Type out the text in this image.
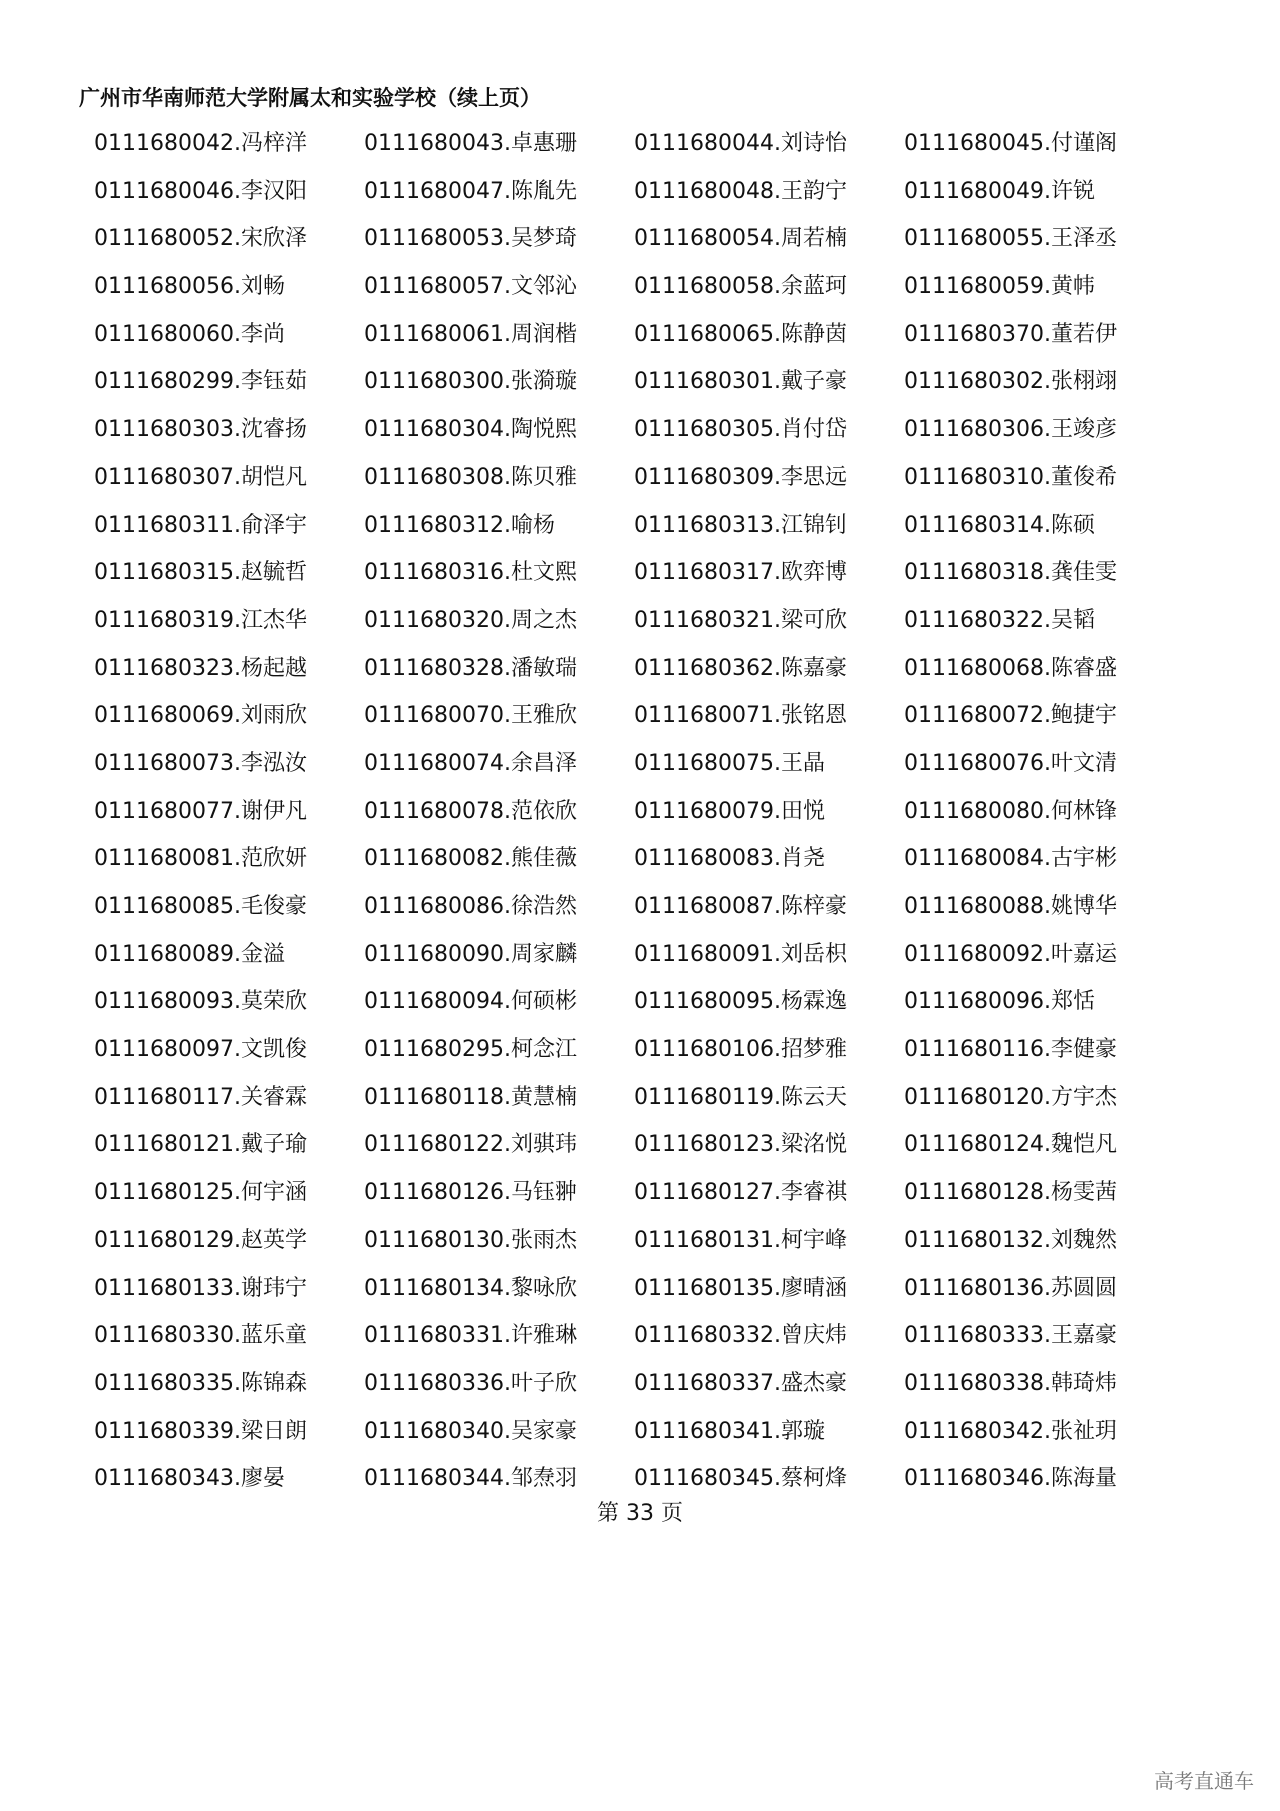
广州市华南师范大学附属太和实验学校（续上页）
0111680042.冯梓洋	0111680043.卓惠珊	0111680044.刘诗怡	0111680045.付谨阁
0111680046.李汉阳	0111680047.陈胤先	0111680048.王韵宁	0111680049.许锐
0111680052.宋欣泽	0111680053.吴梦琦	0111680054.周若楠	0111680055.王泽丞
0111680056.刘畅	0111680057.文邻沁	0111680058.余蓝珂	0111680059.黄帏
0111680060.李尚	0111680061.周润楷	0111680065.陈静茵	0111680370.董若伊
0111680299.李钰茹	0111680300.张漪璇	0111680301.戴子豪	0111680302.张栩翊
0111680303.沈睿扬	0111680304.陶悦熙	0111680305.肖付岱	0111680306.王竣彦
0111680307.胡恺凡	0111680308.陈贝雅	0111680309.李思远	0111680310.董俊希
0111680311.俞泽宇	0111680312.喻杨	0111680313.江锦钊	0111680314.陈硕
0111680315.赵毓哲	0111680316.杜文熙	0111680317.欧弈博	0111680318.龚佳雯
0111680319.江杰华	0111680320.周之杰	0111680321.梁可欣	0111680322.吴韬
0111680323.杨起越	0111680328.潘敏瑞	0111680362.陈嘉豪	0111680068.陈睿盛
0111680069.刘雨欣	0111680070.王雅欣	0111680071.张铭恩	0111680072.鲍捷宇
0111680073.李泓汝	0111680074.余昌泽	0111680075.王晶	0111680076.叶文清
0111680077.谢伊凡	0111680078.范依欣	0111680079.田悦	0111680080.何林锋
0111680081.范欣妍	0111680082.熊佳薇	0111680083.肖尧	0111680084.古宇彬
0111680085.毛俊豪	0111680086.徐浩然	0111680087.陈梓豪	0111680088.姚博华
0111680089.金溢	0111680090.周家麟	0111680091.刘岳枳	0111680092.叶嘉运
0111680093.莫荣欣	0111680094.何硕彬	0111680095.杨霖逸	0111680096.郑恬
0111680097.文凯俊	0111680295.柯念江	0111680106.招梦雅	0111680116.李健豪
0111680117.关睿霖	0111680118.黄慧楠	0111680119.陈云天	0111680120.方宇杰
0111680121.戴子瑜	0111680122.刘骐玮	0111680123.梁洺悦	0111680124.魏恺凡
0111680125.何宇涵	0111680126.马钰翀	0111680127.李睿祺	0111680128.杨雯茜
0111680129.赵英学	0111680130.张雨杰	0111680131.柯宇峰	0111680132.刘魏然
0111680133.谢玮宁	0111680134.黎咏欣	0111680135.廖晴涵	0111680136.苏圆圆
0111680330.蓝乐童	0111680331.许雅琳	0111680332.曾庆炜	0111680333.王嘉豪
0111680335.陈锦森	0111680336.叶子欣	0111680337.盛杰豪	0111680338.韩琦炜
0111680339.梁日朗	0111680340.吴家豪	0111680341.郭璇	0111680342.张祉玥
0111680343.廖晏	0111680344.邹焘羽	0111680345.蔡柯烽	0111680346.陈海量
第 33 页
高考直通车
